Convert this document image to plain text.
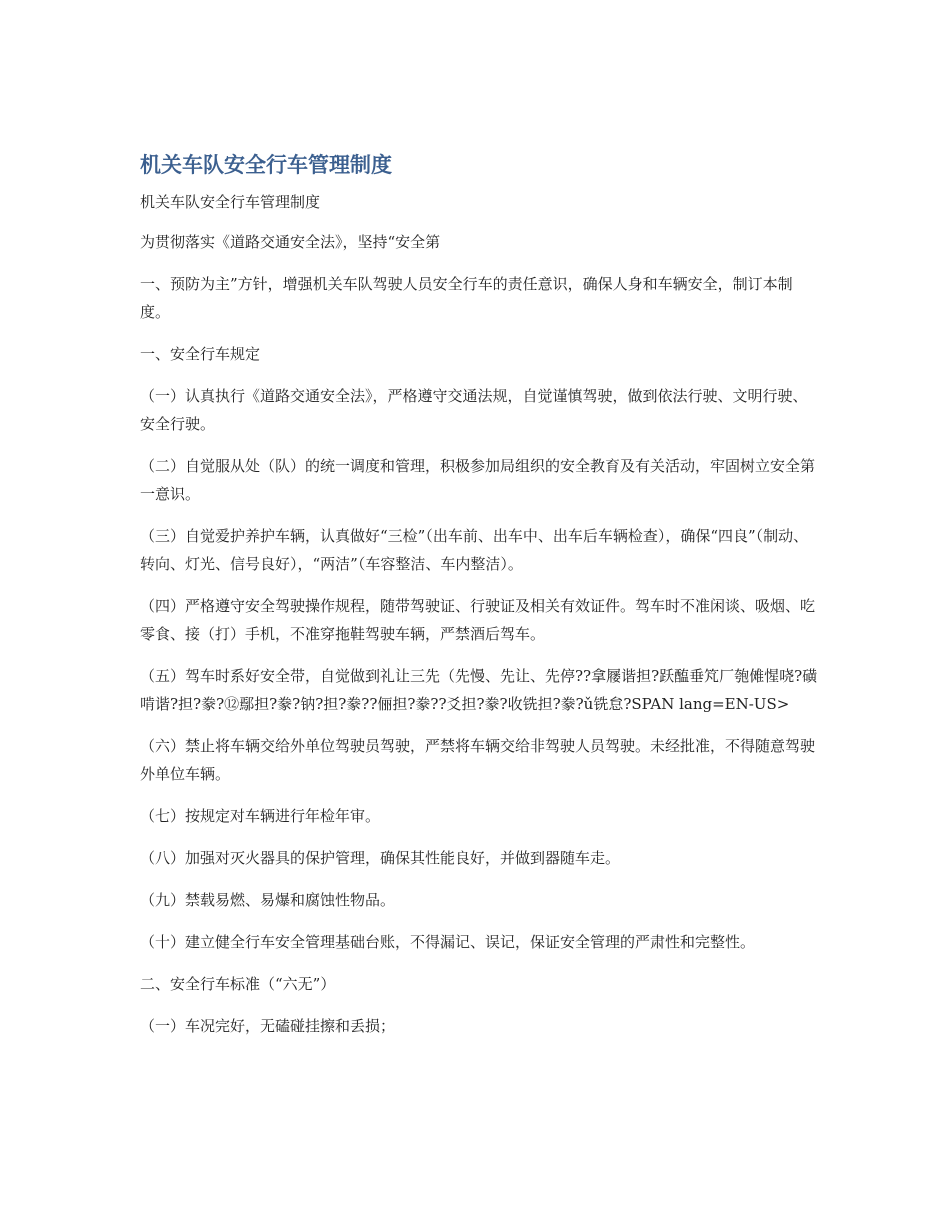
机关车队安全行车管理制度

机关车队安全行车管理制度

为贯彻落实《道路交通安全法》，坚持“安全第

一、预防为主”方针，增强机关车队驾驶人员安全行车的责任意识，确保人身和车辆安全，制订本制度。

一、安全行车规定

（一）认真执行《道路交通安全法》，严格遵守交通法规，自觉谨慎驾驶，做到依法行驶、文明行驶、安全行驶。

（二）自觉服从处（队）的统一调度和管理，积极参加局组织的安全教育及有关活动，牢固树立安全第一意识。

（三）自觉爱护养护车辆，认真做好“三检”（出车前、出车中、出车后车辆检查），确保“四良”（制动、转向、灯光、信号良好），“两洁”（车容整洁、车内整洁）。

（四）严格遵守安全驾驶操作规程，随带驾驶证、行驶证及相关有效证件。驾车时不准闲谈、吸烟、吃零食、接（打）手机，不准穿拖鞋驾驶车辆，严禁酒后驾车。

（五）驾车时系好安全带，自觉做到礼让三先（先慢、先让、先停??拿屦谐担?跃醢垂竼厂匏傩惺哓?磺啃谐?担?豢?⑫鄢担?豢?钠?担?豢??俪担?豢??爻担?豢?收铣担?豢?ǔ铣怠?SPAN lang=EN-US>

（六）禁止将车辆交给外单位驾驶员驾驶，严禁将车辆交给非驾驶人员驾驶。未经批准，不得随意驾驶外单位车辆。

（七）按规定对车辆进行年检年审。

（八）加强对灭火器具的保护管理，确保其性能良好，并做到器随车走。

（九）禁载易燃、易爆和腐蚀性物品。

（十）建立健全行车安全管理基础台账，不得漏记、误记，保证安全管理的严肃性和完整性。

二、安全行车标准（“六无”）

（一）车况完好，无磕碰挂擦和丢损；
